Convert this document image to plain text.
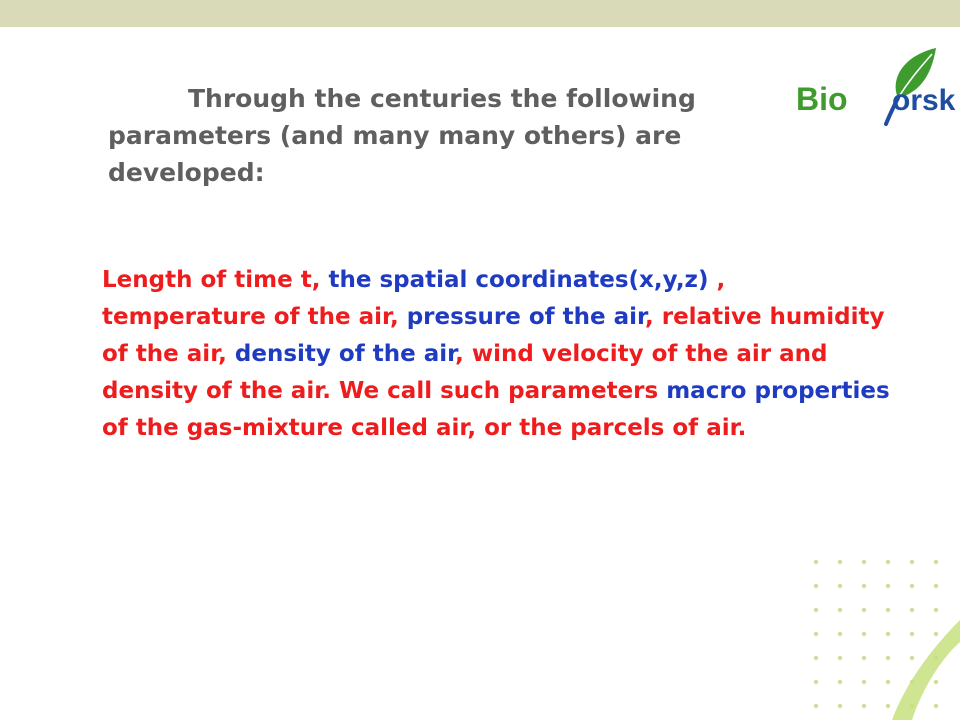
Through the centuries the following parameters (and many many others) are developed:
Bio orsk

Length of time t, the spatial coordinates(x,y,z) , temperature of the air, pressure of the air, relative humidity of the air, density of the air, wind velocity of the air and density of the air. We call such parameters macro properties of the gas-mixture called air, or the parcels of air.
